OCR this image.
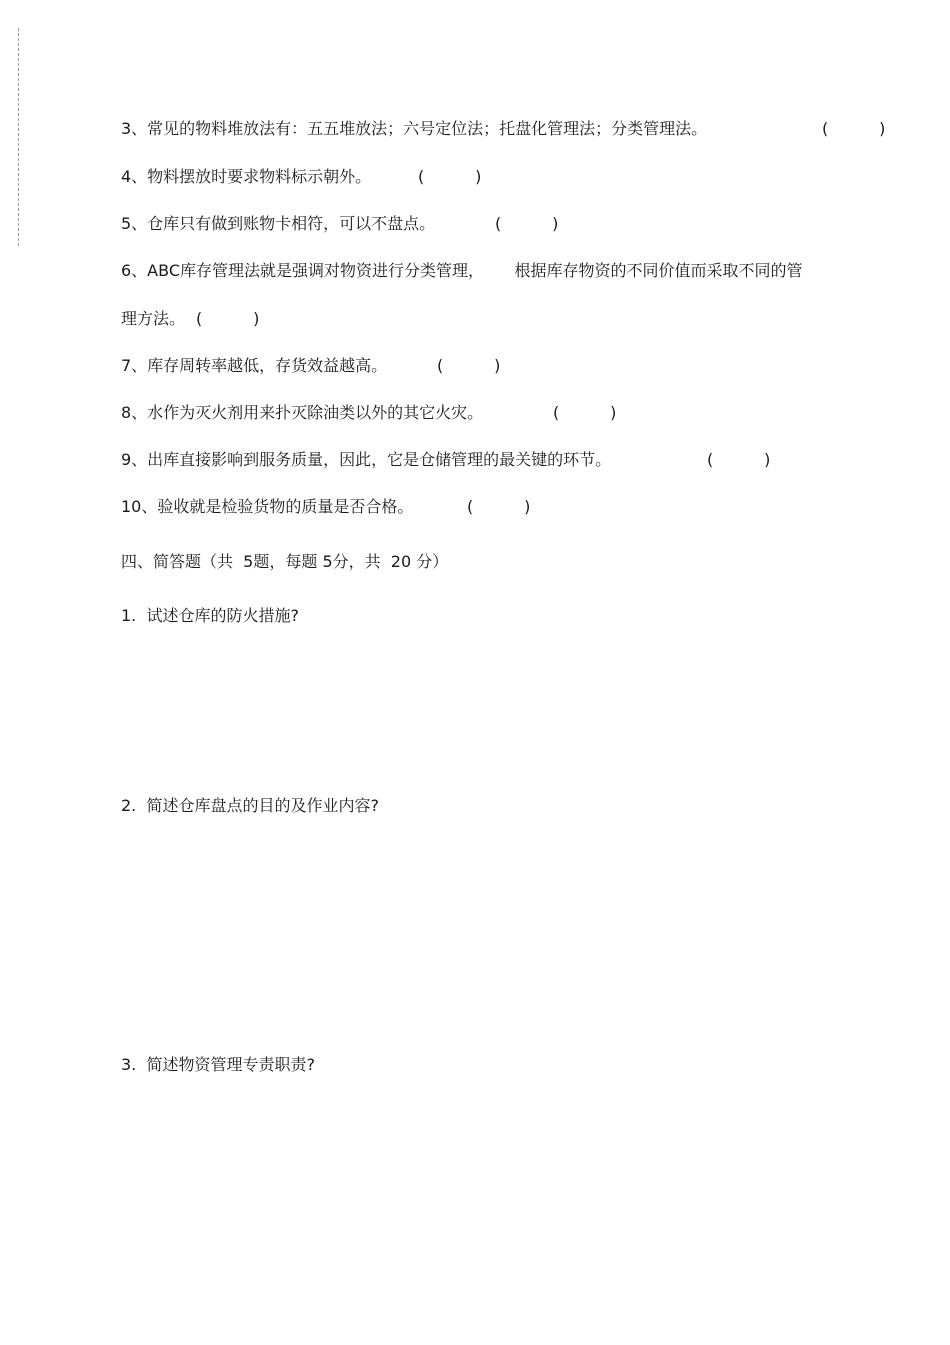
3、常见的物料堆放法有：五五堆放法；六号定位法；托盘化管理法；分类管理法。	(          )
4、物料摆放时要求物料标示朝外。	(          )
5、仓库只有做到账物卡相符，可以不盘点。	(          )
6、ABC库存管理法就是强调对物资进行分类管理，      根据库存物资的不同价值而采取不同的管
理方法。 (          )
7、库存周转率越低，存货效益越高。	(          )
8、水作为灭火剂用来扑灭除油类以外的其它火灾。	(          )
9、出库直接影响到服务质量，因此，它是仓储管理的最关键的环节。	(          )
10、验收就是检验货物的质量是否合格。	(          )
四、简答题（共  5题，每题 5分，共  20 分）
1.  试述仓库的防火措施?
2.  简述仓库盘点的目的及作业内容?
3.  简述物资管理专责职责?
